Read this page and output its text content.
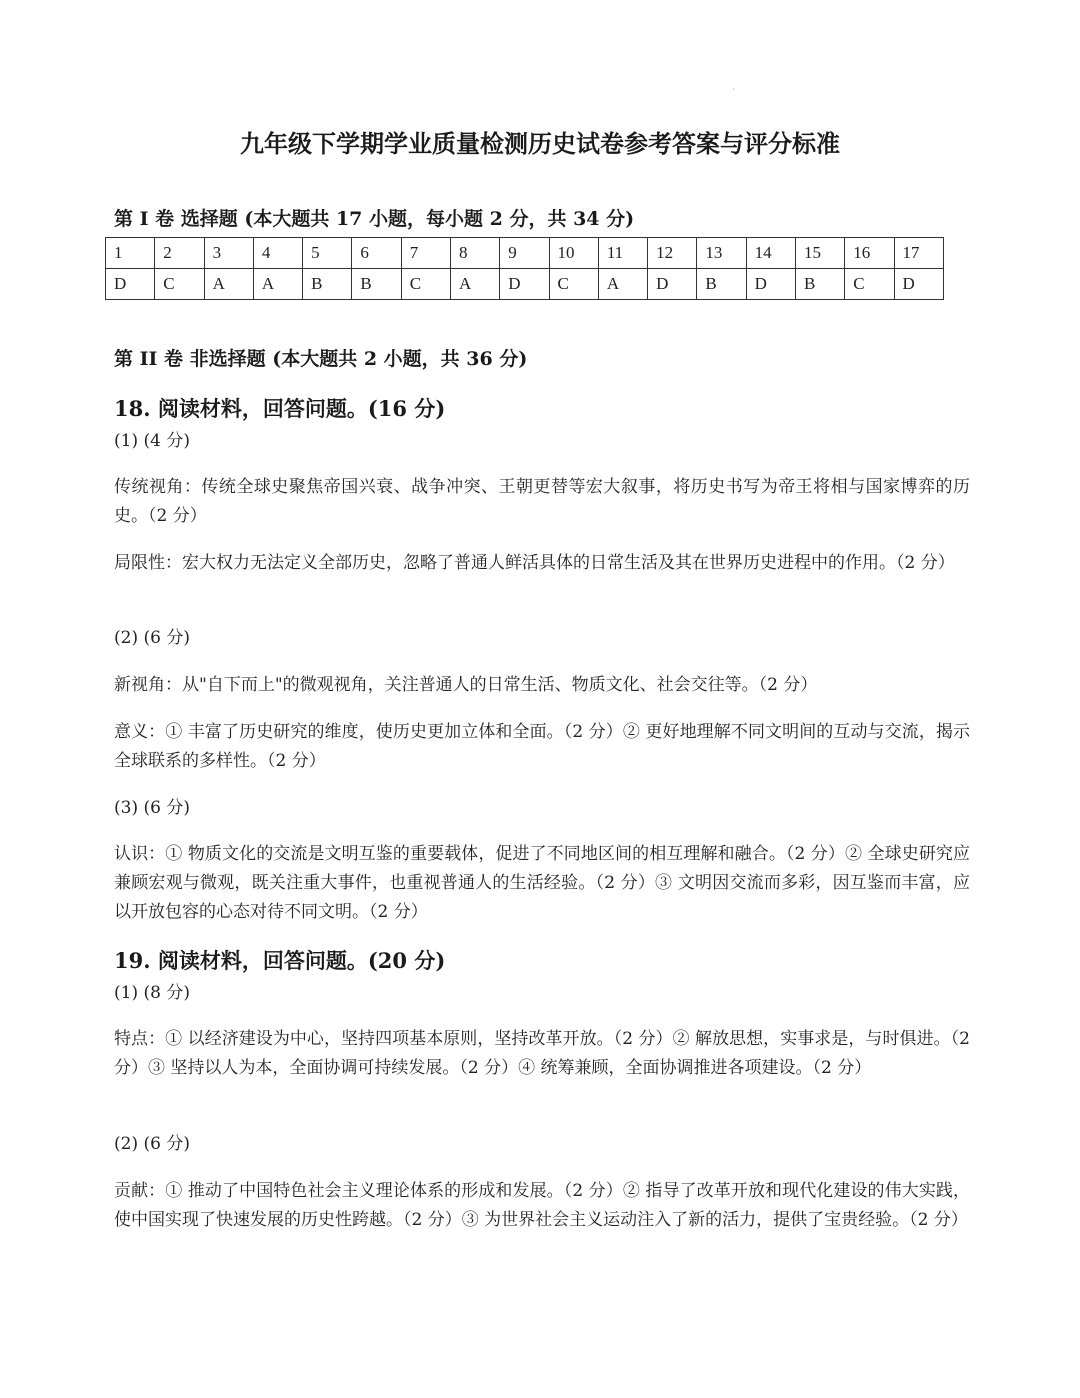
'
九年级下学期学业质量检测历史试卷参考答案与评分标准
第 I 卷 选择题 (本大题共 17 小题，每小题 2 分，共 34 分)
1	2	3	4	5	6	7	8	9	10	11	12	13	14	15	16	17
D	C	A	A	B	B	C	A	D	C	A	D	B	D	B	C	D
第 II 卷 非选择题 (本大题共 2 小题，共 36 分)
18. 阅读材料，回答问题。(16 分)
(1) (4 分)
传统视角：传统全球史聚焦帝国兴衰、战争冲突、王朝更替等宏大叙事，将历史书写为帝王将相与国家博弈的历史。（2 分）
局限性：宏大权力无法定义全部历史，忽略了普通人鲜活具体的日常生活及其在世界历史进程中的作用。（2 分）
(2) (6 分)
新视角：从"自下而上"的微观视角，关注普通人的日常生活、物质文化、社会交往等。（2 分）
意义：① 丰富了历史研究的维度，使历史更加立体和全面。（2 分）② 更好地理解不同文明间的互动与交流，揭示全球联系的多样性。（2 分）
(3) (6 分)
认识：① 物质文化的交流是文明互鉴的重要载体，促进了不同地区间的相互理解和融合。（2 分）② 全球史研究应兼顾宏观与微观，既关注重大事件，也重视普通人的生活经验。（2 分）③ 文明因交流而多彩，因互鉴而丰富，应以开放包容的心态对待不同文明。（2 分）
19. 阅读材料，回答问题。(20 分)
(1) (8 分)
特点：① 以经济建设为中心，坚持四项基本原则，坚持改革开放。（2 分）② 解放思想，实事求是，与时俱进。（2 分）③ 坚持以人为本，全面协调可持续发展。（2 分）④ 统筹兼顾，全面协调推进各项建设。（2 分）
(2) (6 分)
贡献：① 推动了中国特色社会主义理论体系的形成和发展。（2 分）② 指导了改革开放和现代化建设的伟大实践，使中国实现了快速发展的历史性跨越。（2 分）③ 为世界社会主义运动注入了新的活力，提供了宝贵经验。（2 分）
